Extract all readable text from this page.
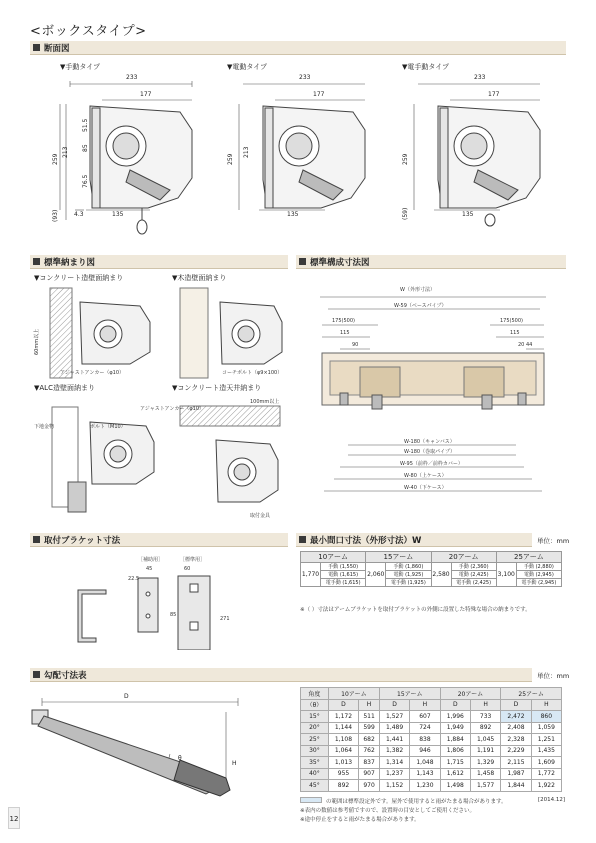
<ボックスタイプ>
断面図
▼手動タイプ
233
177
135
4.3
259
213 85
76.5
51.5
(93)
▼電動タイプ
233
177
135
259
213
▼電手動タイプ
233
177
135
259
(59)
標準納まり図	標準構成寸法図
▼コンクリート造壁面納まり	▼木造壁面納まり
▼ALC造壁面納まり	▼コンクリート造天井納まり
アジャストアンカー（φ10）	コーチボルト（φ9×100）
アジャストアンカー（φ10）
下地金物	ボルト（M10）
100mm以上
取付金具
60mm以上
W（外形寸法）
W-59（ベースパイプ）
175(500)	175(500)
115	115
90	20 44
W-180（キャンバス）
W-180（巻取パイプ）
W-95（前枠／前枠カバー）
W-80（上ケース）
W-40（下ケース）
取付ブラケット寸法	最小間口寸法（外形寸法）W	単位：mm
［補助用］	［標準用］
45
22.5
60
85
271
10アーム		15アーム		20アーム		25アーム	
1,770	手動 (1,550)	2,060	手動 (1,860)	2,580	手動 (2,360)	3,100	手動 (2,880)
	電動 (1,615)		電動 (1,925)		電動 (2,425)		電動 (2,945)
	電手動 (1,615)		電手動 (1,925)		電手動 (2,425)		電手動 (2,945)
※（ ）寸法はアームブラケットを取付ブラケットの外側に設置した特殊な場合の納まりです。
勾配寸法表	単位：mm
D
H
θ
角度	10アーム		15アーム		20アーム		25アーム	
（θ）	D	H	D	H	D	H	D	H
15°	1,172	511	1,527	607	1,996	733	2,472	860
20°	1,144	599	1,489	724	1,949	892	2,408	1,059
25°	1,108	682	1,441	838	1,884	1,045	2,328	1,251
30°	1,064	762	1,382	946	1,806	1,191	2,229	1,435
35°	1,013	837	1,314	1,048	1,715	1,329	2,115	1,609
40°	955	907	1,237	1,143	1,612	1,458	1,987	1,772
45°	892	970	1,152	1,230	1,498	1,577	1,844	1,922
の範囲は標準設定外です。屋外で使用すると雨がたまる場合があります。
※表内の数値は参考値ですので、設置時の目安としてご使用ください。
※途中停止をすると雨がたまる場合があります。
[2014.12]
12
